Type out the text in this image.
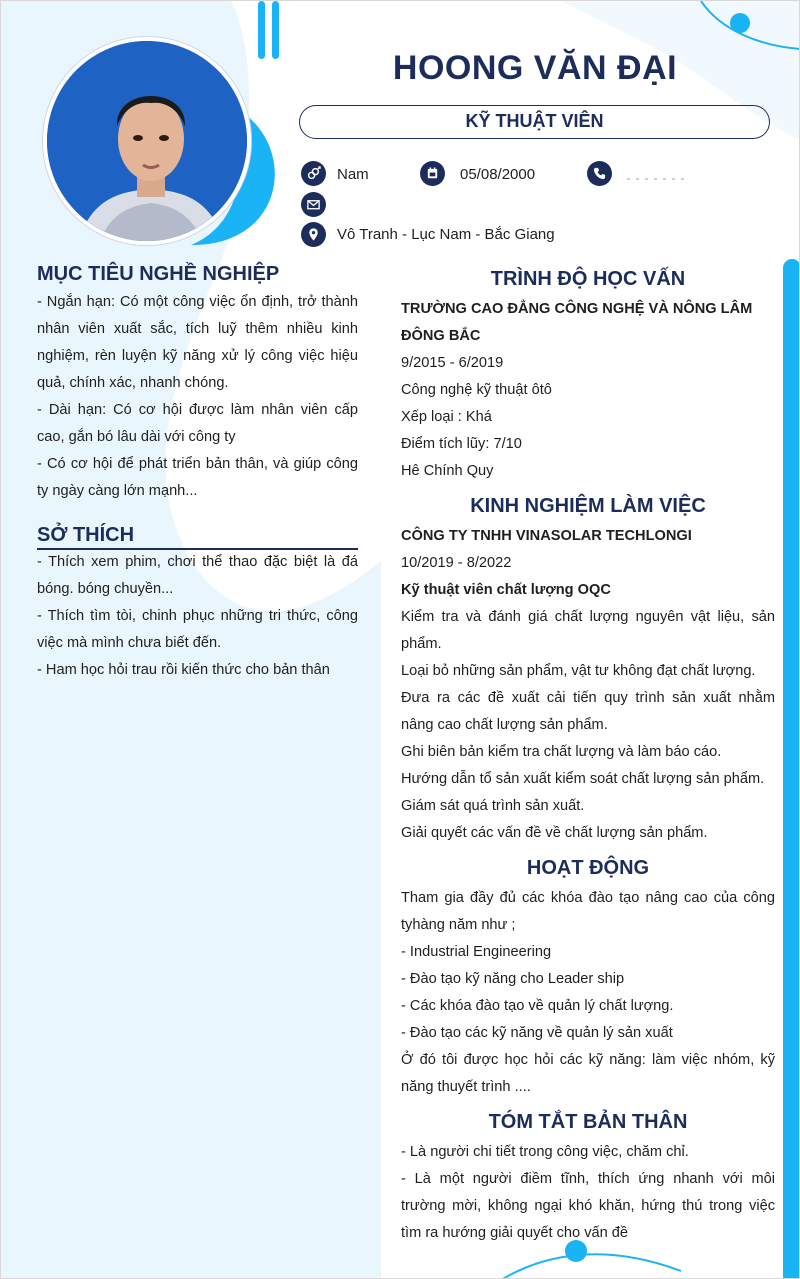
HOONG VĂN ĐẠI
KỸ THUẬT VIÊN
Nam	05/08/2000
Vô Tranh - Lục Nam - Bắc Giang
MỤC TIÊU NGHỀ NGHIỆP
- Ngắn hạn: Có một công việc ổn định, trở thành
nhân viên xuất sắc, tích luỹ thêm nhiều kinh
nghiệm, rèn luyện kỹ năng xử lý công việc hiệu
quả, chính xác, nhanh chóng.
- Dài hạn: Có cơ hội được làm nhân viên cấp
cao, gắn bó lâu dài với công ty
- Có cơ hội để phát triển bản thân, và giúp công
ty ngày càng lớn mạnh...
SỞ THÍCH
- Thích xem phim, chơi thể thao đặc biệt là đá
bóng. bóng chuyền...
- Thích tìm tòi, chinh phục những tri thức, công
việc mà mình chưa biết đến.
- Ham học hỏi trau rồi kiến thức cho bản thân
TRÌNH ĐỘ HỌC VẤN
TRƯỜNG CAO ĐẲNG CÔNG NGHỆ VÀ NÔNG LÂM
ĐÔNG BẮC
9/2015 - 6/2019
Công nghệ kỹ thuật ôtô
Xếp loại : Khá
Điểm tích lũy: 7/10
Hê Chính Quy
KINH NGHIỆM LÀM VIỆC
CÔNG TY TNHH VINASOLAR TECHLONGI
10/2019 - 8/2022
Kỹ thuật viên chất lượng OQC
Kiểm tra và đánh giá chất lượng nguyên vật liệu, sản
phẩm.
Loại bỏ những sản phẩm, vật tư không đạt chất lượng.
Đưa ra các đề xuất cải tiến quy trình sản xuất nhằm
nâng cao chất lượng sản phẩm.
Ghi biên bản kiểm tra chất lượng và làm báo cáo.
Hướng dẫn tổ sản xuất kiểm soát chất lượng sản phẩm.
Giám sát quá trình sản xuất.
Giải quyết các vấn đề về chất lượng sản phẩm.
HOẠT ĐỘNG
Tham gia đầy đủ các khóa đào tạo nâng cao của công
tyhàng năm như ;
- Industrial Engineering
- Đào tạo kỹ năng cho Leader ship
- Các khóa đào tạo về quản lý chất lượng.
- Đào tạo các kỹ năng về quản lý sản xuất
Ở đó tôi được học hỏi các kỹ năng: làm việc nhóm, kỹ
năng thuyết trình ....
TÓM TẮT BẢN THÂN
- Là người chi tiết trong công việc, chăm chỉ.
- Là một người điềm tĩnh, thích ứng nhanh với môi
trường mời, không ngại khó khăn, hứng thú trong việc
tìm ra hướng giải quyết cho vấn đề
